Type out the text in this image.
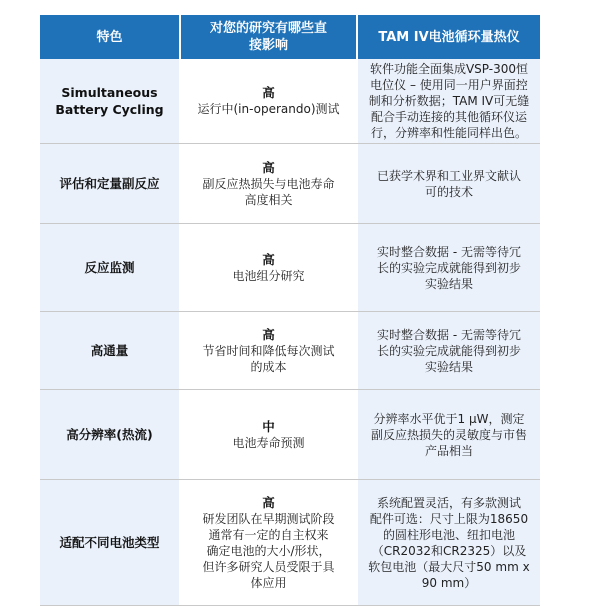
特色
对您的研究有哪些直
接影响
TAM IV电池循环量热仪
Simultaneous
Battery Cycling
高
运行中(in-operando)测试
软件功能全面集成VSP-300恒
电位仪 – 使用同一用户界面控
制和分析数据；TAM IV可无缝
配合手动连接的其他循环仪运
行，分辨率和性能同样出色。
评估和定量副反应
高
副反应热损失与电池寿命
高度相关
已获学术界和工业界文献认
可的技术
反应监测
高
电池组分研究
实时整合数据 - 无需等待冗
长的实验完成就能得到初步
实验结果
高通量
高
节省时间和降低每次测试
的成本
实时整合数据 - 无需等待冗
长的实验完成就能得到初步
实验结果
高分辨率(热流)
中
电池寿命预测
分辨率水平优于1 μW，测定
副反应热损失的灵敏度与市售
产品相当
适配不同电池类型
高
研发团队在早期测试阶段
通常有一定的自主权来
确定电池的大小/形状，
但许多研究人员受限于具
体应用
系统配置灵活，有多款测试
配件可选：尺寸上限为18650
的圆柱形电池、纽扣电池
（CR2032和CR2325）以及
软包电池（最大尺寸50 mm x
90 mm）
